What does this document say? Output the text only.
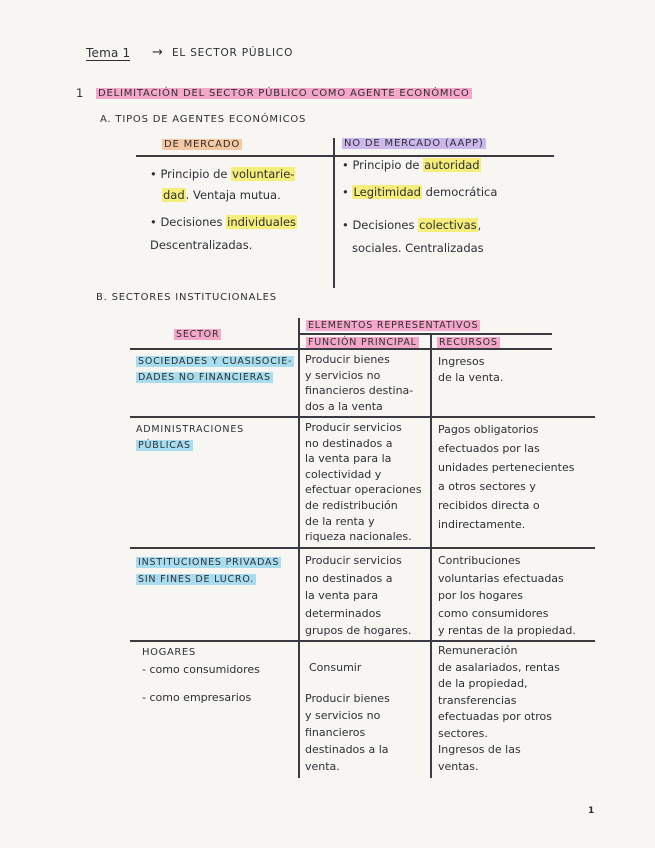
Tema 1 → EL SECTOR PÚBLICO
1 DELIMITACIÓN DEL SECTOR PÚBLICO COMO AGENTE ECONÓMICO
A. TIPOS DE AGENTES ECONÓMICOS
DE MERCADO	NO DE MERCADO (AAPP)
• Principio de voluntarie-
dad. Ventaja mutua.
• Decisiones individuales
Descentralizadas.
• Principio de autoridad
• Legitimidad democrática
• Decisiones colectivas,
sociales. Centralizadas
B. SECTORES INSTITUCIONALES
ELEMENTOS REPRESENTATIVOS
SECTOR
FUNCIÓN PRINCIPAL RECURSOS
SOCIEDADES Y CUASISOCIE-
DADES NO FINANCIERAS
Producir bienes
y servicios no
financieros destina-
dos a la venta
Ingresos
de la venta.
ADMINISTRACIONES
PÚBLICAS
Producir servicios
no destinados a
la venta para la
colectividad y
efectuar operaciones
de redistribución
de la renta y
riqueza nacionales.
Pagos obligatorios
efectuados por las
unidades pertenecientes
a otros sectores y
recibidos directa o
indirectamente.
INSTITUCIONES PRIVADAS
SIN FINES DE LUCRO.
Producir servicios
no destinados a
la venta para
determinados
grupos de hogares.
Contribuciones
voluntarias efectuadas
por los hogares
como consumidores
y rentas de la propiedad.
HOGARES
- como consumidores
- como empresarios
Consumir
Producir bienes
y servicios no
financieros
destinados a la
venta.
Remuneración
de asalariados, rentas
de la propiedad,
transferencias
efectuadas por otros
sectores.
Ingresos de las
ventas.
1
